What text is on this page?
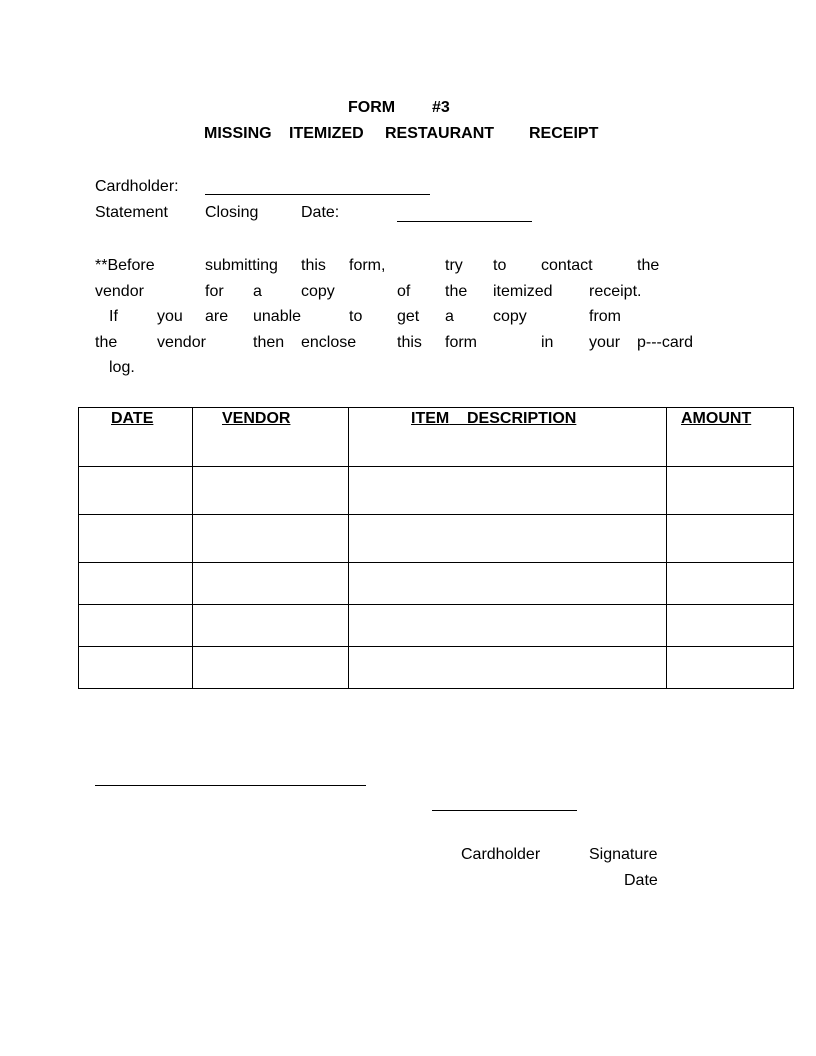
FORM #3
MISSING ITEMIZED RESTAURANT RECEIPT
Cardholder:
Statement Closing	Date:
**Before	submitting this form,	try to contact	the
vendor	for a copy	of the itemized receipt.
If you are unable	to get a copy	from
the vendor	then enclose	this form	in your p---card
log.
DATE	VENDOR	ITEM DESCRIPTION	AMOUNT

Cardholder	Signature
Date
